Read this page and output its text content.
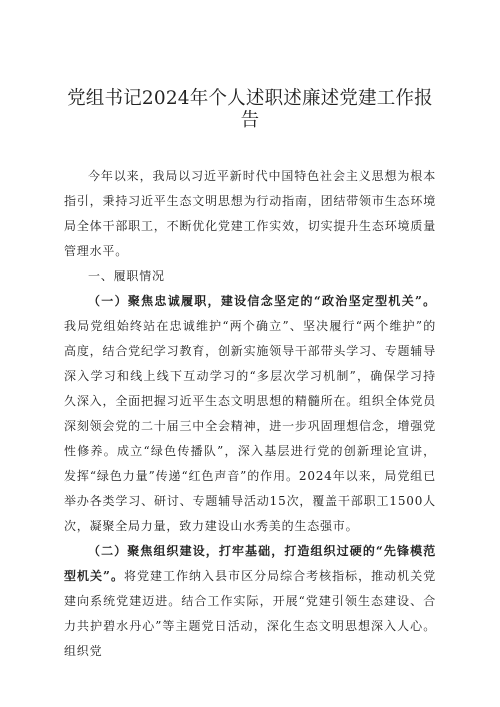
党组书记2024年个人述职述廉述党建工作报告

今年以来，我局以习近平新时代中国特色社会主义思想为根本指引，秉持习近平生态文明思想为行动指南，团结带领市生态环境局全体干部职工，不断优化党建工作实效，切实提升生态环境质量管理水平。

一、履职情况

（一）聚焦忠诚履职，建设信念坚定的“政治坚定型机关”。我局党组始终站在忠诚维护“两个确立”、坚决履行“两个维护”的高度，结合党纪学习教育，创新实施领导干部带头学习、专题辅导深入学习和线上线下互动学习的“多层次学习机制”，确保学习持久深入，全面把握习近平生态文明思想的精髓所在。组织全体党员深刻领会党的二十届三中全会精神，进一步巩固理想信念，增强党性修养。成立“绿色传播队”，深入基层进行党的创新理论宣讲，发挥“绿色力量”传递“红色声音”的作用。2024年以来，局党组已举办各类学习、研讨、专题辅导活动15次，覆盖干部职工1500人次，凝聚全局力量，致力建设山水秀美的生态强市。

（二）聚焦组织建设，打牢基础，打造组织过硬的“先锋模范型机关”。将党建工作纳入县市区分局综合考核指标，推动机关党建向系统党建迈进。结合工作实际，开展“党建引领生态建设、合力共护碧水丹心”等主题党日活动，深化生态文明思想深入人心。组织党
